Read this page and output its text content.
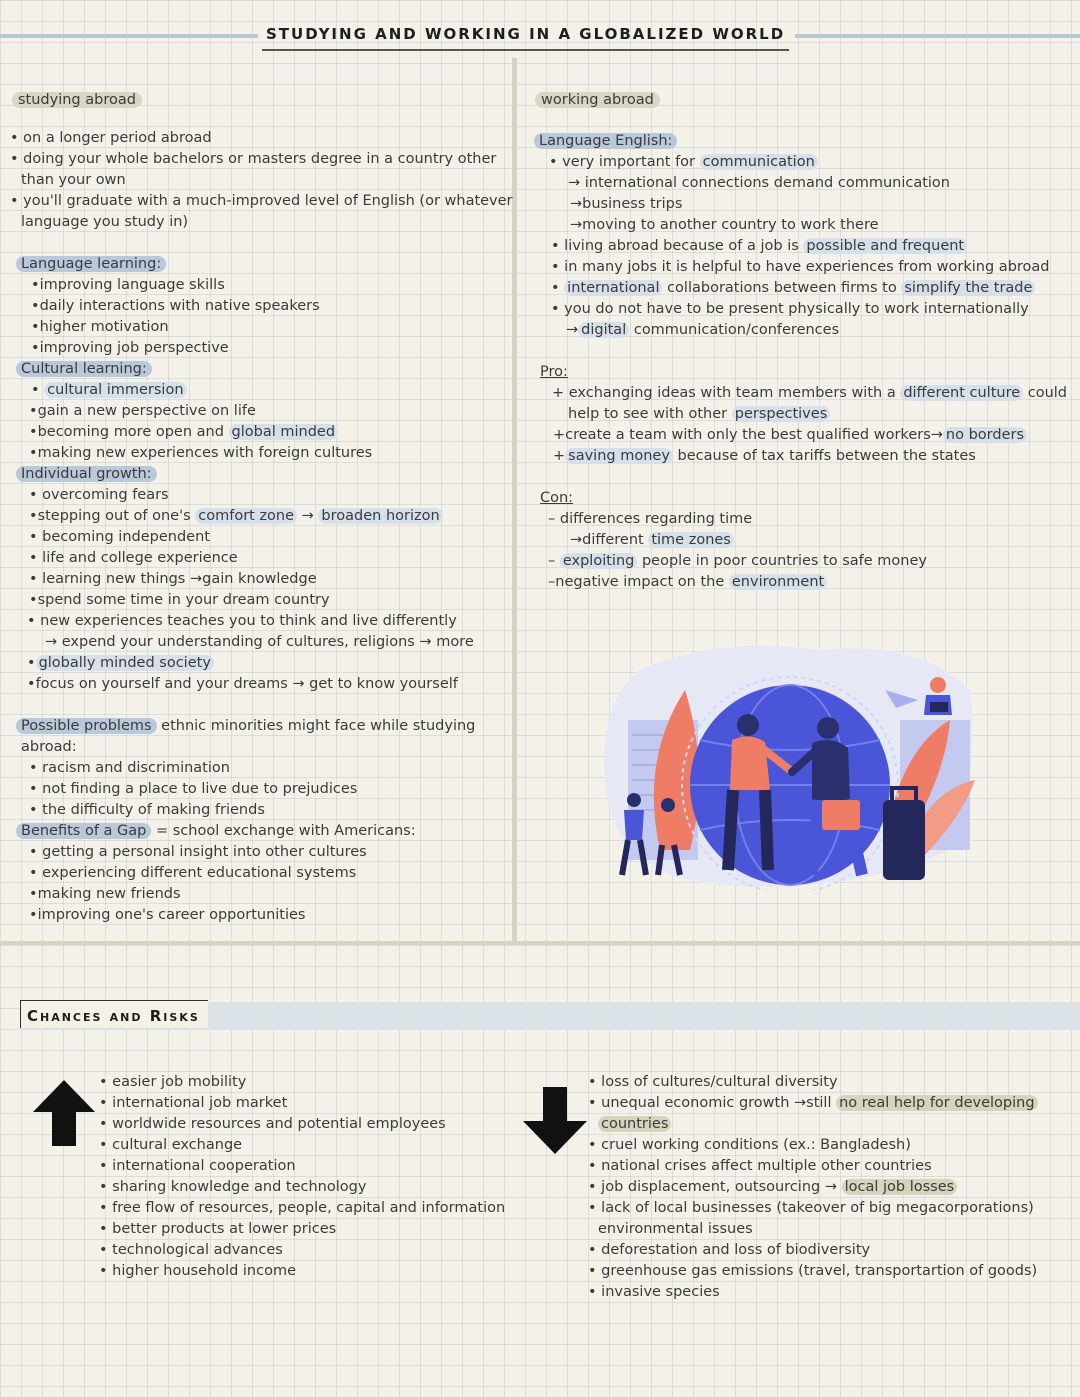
STUDYING AND WORKING IN A GLOBALIZED WORLD
studying abroad
• on a longer period abroad
• doing your whole bachelors or masters degree in a country other
than your own
• you'll graduate with a much-improved level of English (or whatever
language you study in)
Language learning:
•improving language skills
•daily interactions with native speakers
•higher motivation
•improving job perspective
Cultural learning:
• cultural immersion
•gain a new perspective on life
•becoming more open and global minded
•making new experiences with foreign cultures
Individual growth:
• overcoming fears
•stepping out of one's comfort zone → broaden horizon
• becoming independent
• life and college experience
• learning new things →gain knowledge
•spend some time in your dream country
• new experiences teaches you to think and live differently
→ expend your understanding of cultures, religions → more
• globally minded society
•focus on yourself and your dreams → get to know yourself
Possible problems ethnic minorities might face while studying
abroad:
• racism and discrimination
• not finding a place to live due to prejudices
• the difficulty of making friends
Benefits of a Gap = school exchange with Americans:
• getting a personal insight into other cultures
• experiencing different educational systems
•making new friends
•improving one's career opportunities
working abroad
Language English:
• very important for communication
→ international connections demand communication
→business trips
→moving to another country to work there
• living abroad because of a job is possible and frequent
• in many jobs it is helpful to have experiences from working abroad
• international collaborations between firms to simplify the trade
• you do not have to be present physically to work internationally
→ digital communication/conferences
Pro:
+ exchanging ideas with team members with a different culture could
help to see with other perspectives
+create a team with only the best qualified workers→ no borders
+ saving money because of tax tariffs between the states
Con:
– differences regarding time
→different time zones
– exploiting people in poor countries to safe money
–negative impact on the environment
Chances and Risks
• easier job mobility
• international job market
• worldwide resources and potential employees
• cultural exchange
• international cooperation
• sharing knowledge and technology
• free flow of resources, people, capital and information
• better products at lower prices
• technological advances
• higher household income
• loss of cultures/cultural diversity
• unequal economic growth →still no real help for developing
countries
• cruel working conditions (ex.: Bangladesh)
• national crises affect multiple other countries
• job displacement, outsourcing → local job losses
• lack of local businesses (takeover of big megacorporations)
environmental issues
• deforestation and loss of biodiversity
• greenhouse gas emissions (travel, transportartion of goods)
• invasive species
